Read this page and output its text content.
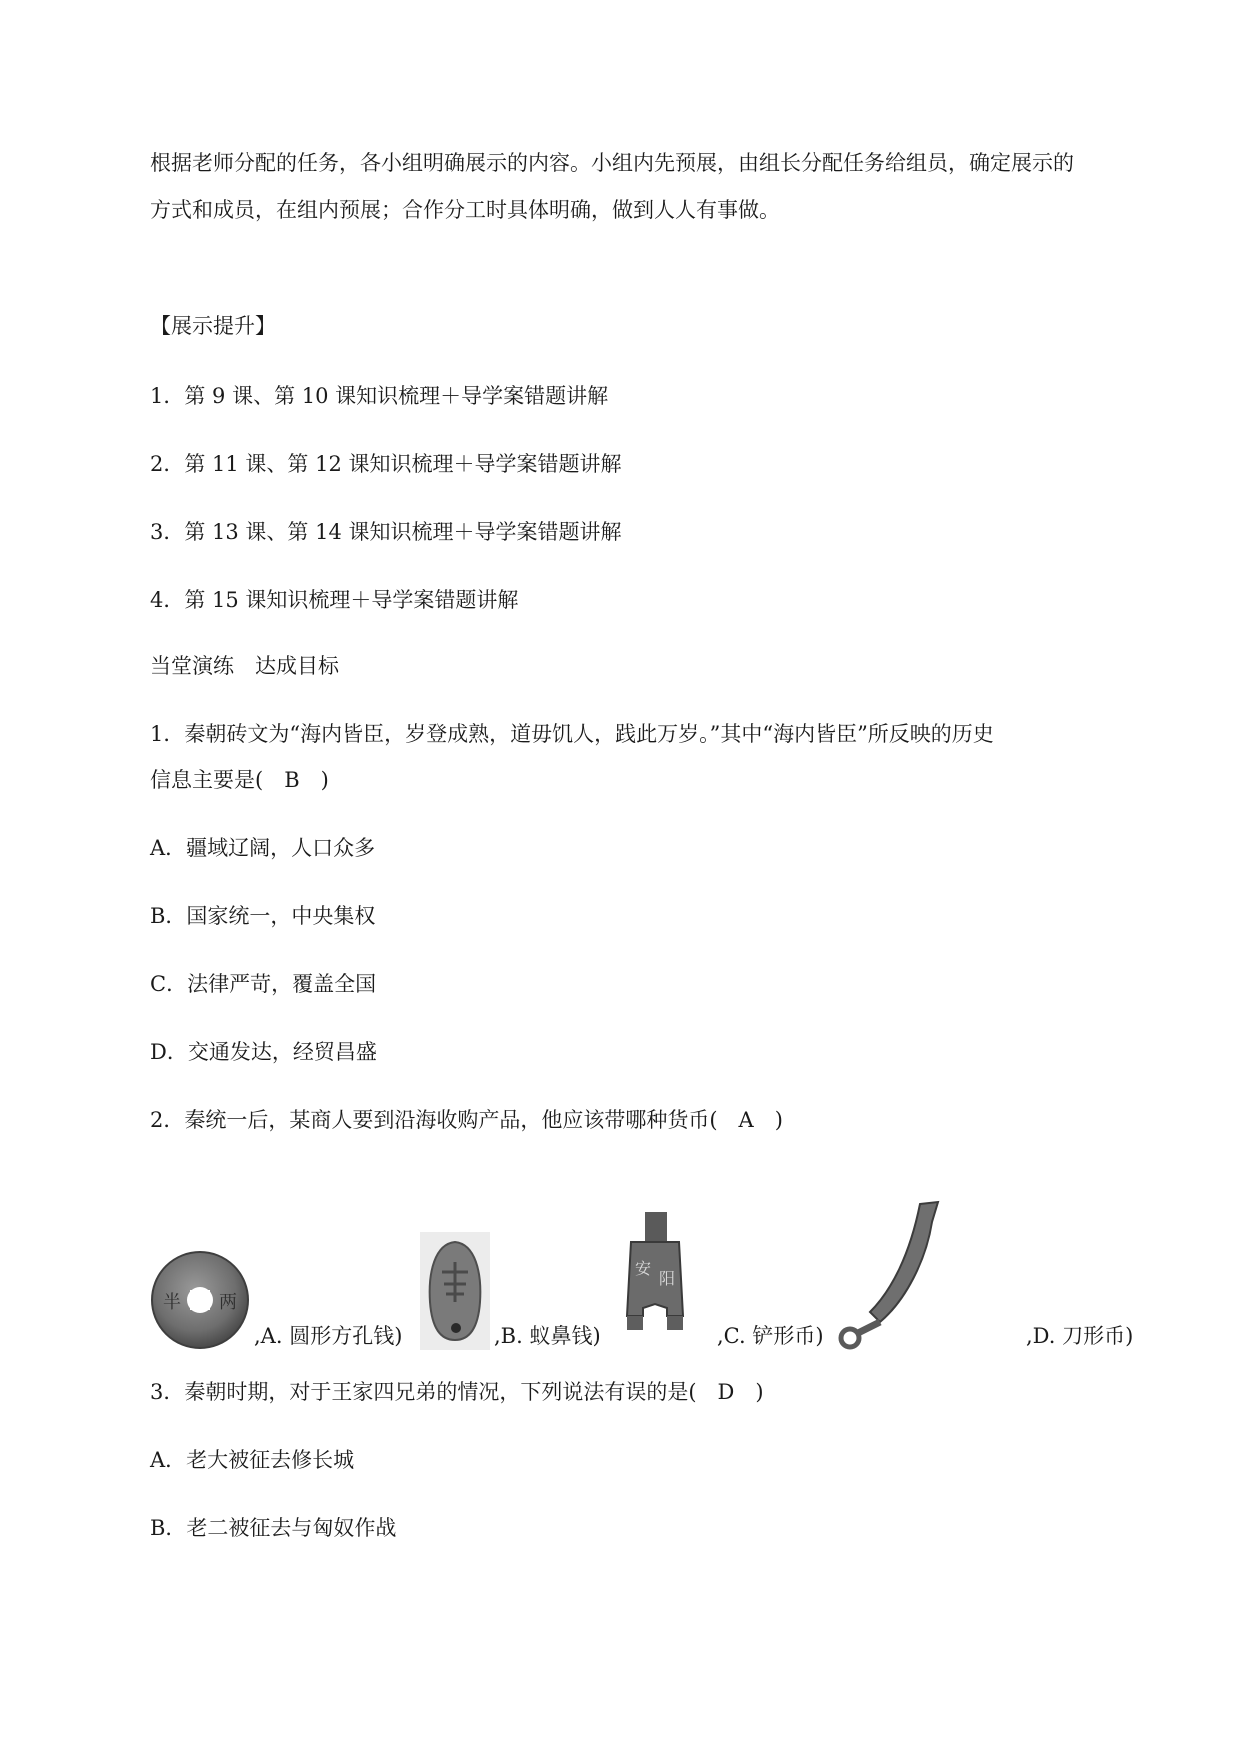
根据老师分配的任务，各小组明确展示的内容。小组内先预展，由组长分配任务给组员，确定展示的方式和成员，在组内预展；合作分工时具体明确，做到人人有事做。
【展示提升】
1．第 9 课、第 10 课知识梳理＋导学案错题讲解
2．第 11 课、第 12 课知识梳理＋导学案错题讲解
3．第 13 课、第 14 课知识梳理＋导学案错题讲解
4．第 15 课知识梳理＋导学案错题讲解
当堂演练　达成目标
1．秦朝砖文为“海内皆臣，岁登成熟，道毋饥人，践此万岁。”其中“海内皆臣”所反映的历史
信息主要是(　B　)
A．疆域辽阔，人口众多
B．国家统一，中央集权
C．法律严苛，覆盖全国
D．交通发达，经贸昌盛
2．秦统一后，某商人要到沿海收购产品，他应该带哪种货币(　A　)
半 两
,A. 圆形方孔钱)	,B. 蚁鼻钱)
安
阳
,C. 铲形币)	,D. 刀形币)
3．秦朝时期，对于王家四兄弟的情况，下列说法有误的是(　D　)
A．老大被征去修长城
B．老二被征去与匈奴作战
